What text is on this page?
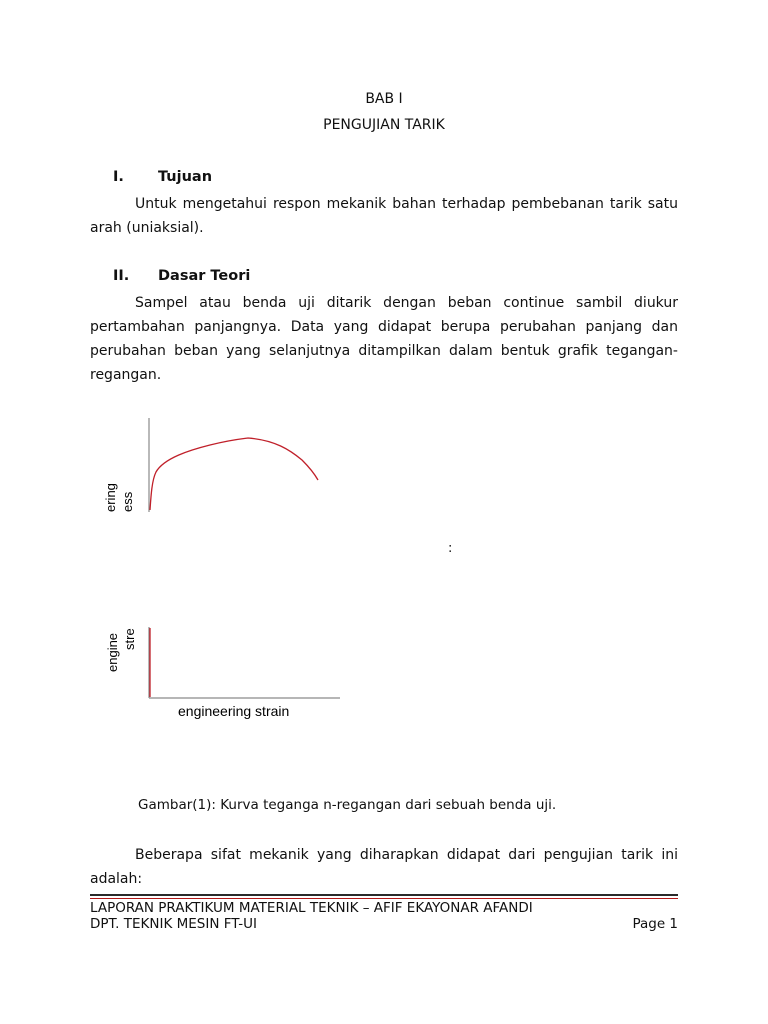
BAB I
PENGUJIAN TARIK
I. Tujuan
Untuk mengetahui respon mekanik bahan terhadap pembebanan tarik satu
arah (uniaksial).
II. Dasar Teori
Sampel atau benda uji ditarik dengan beban continue sambil diukur
pertambahan panjangnya. Data yang didapat berupa perubahan panjang dan
perubahan beban yang selanjutnya ditampilkan dalam bentuk grafik tegangan-
regangan.
ering ess
engine stre
engineering strain
:
Gambar(1): Kurva teganga n-regangan dari sebuah benda uji.
Beberapa sifat mekanik yang diharapkan didapat dari pengujian tarik ini
adalah:
LAPORAN PRAKTIKUM MATERIAL TEKNIK – AFIF EKAYONAR AFANDI
DPT. TEKNIK MESIN FT-UI	Page 1
